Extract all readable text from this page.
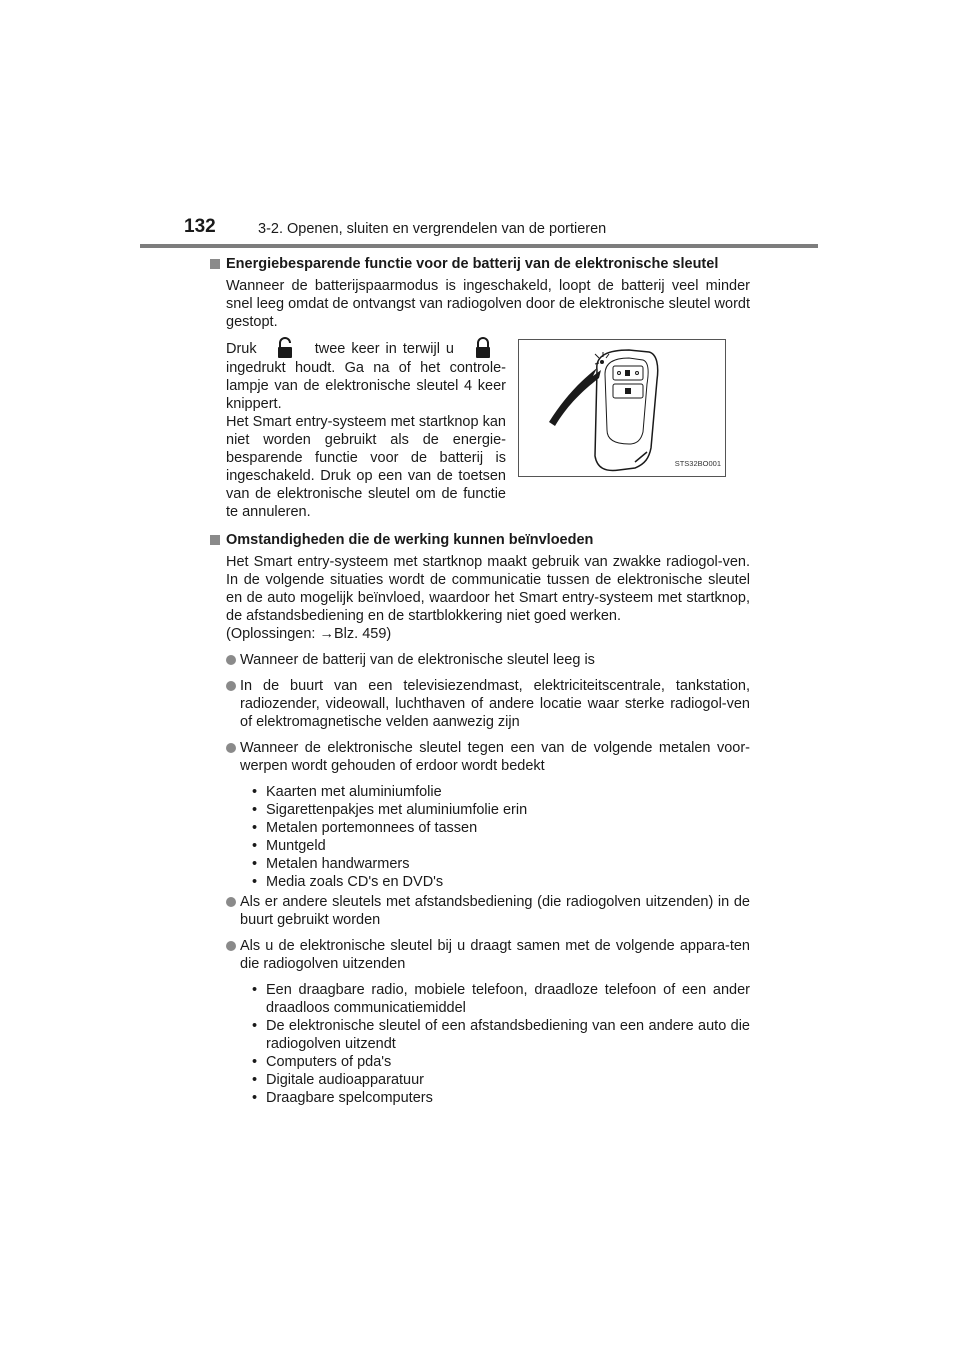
132	3-2. Openen, sluiten en vergrendelen van de portieren
Energiebesparende functie voor de batterij van de elektronische sleutel

Wanneer de batterijspaarmodus is ingeschakeld, loopt de batterij veel minder snel leeg omdat de ontvangst van radiogolven door de elektronische sleutel wordt gestopt.

Druk	twee keer in terwijl u  ingedrukt houdt. Ga na of het controle-lampje van de elektronische sleutel 4 keer knippert.
Het Smart entry-systeem met startknop kan niet worden gebruikt als de energie-besparende functie voor de batterij is ingeschakeld. Druk op een van de toetsen van de elektronische sleutel om de functie te annuleren.
STS32BO001
Omstandigheden die de werking kunnen beïnvloeden

Het Smart entry-systeem met startknop maakt gebruik van zwakke radiogol-ven. In de volgende situaties wordt de communicatie tussen de elektronische sleutel en de auto mogelijk beïnvloed, waardoor het Smart entry-systeem met startknop, de afstandsbediening en de startblokkering niet goed werken.

(Oplossingen: →Blz. 459)

Wanneer de batterij van de elektronische sleutel leeg is
In de buurt van een televisiezendmast, elektriciteitscentrale, tankstation, radiozender, videowall, luchthaven of andere locatie waar sterke radiogol-ven of elektromagnetische velden aanwezig zijn
Wanneer de elektronische sleutel tegen een van de volgende metalen voor-werpen wordt gehouden of erdoor wordt bedekt
• Kaarten met aluminiumfolie
• Sigarettenpakjes met aluminiumfolie erin
• Metalen portemonnees of tassen
• Muntgeld
• Metalen handwarmers
• Media zoals CD's en DVD's
Als er andere sleutels met afstandsbediening (die radiogolven uitzenden) in de buurt gebruikt worden
Als u de elektronische sleutel bij u draagt samen met de volgende appara-ten die radiogolven uitzenden
• Een draagbare radio, mobiele telefoon, draadloze telefoon of een ander draadloos communicatiemiddel
• De elektronische sleutel of een afstandsbediening van een andere auto die radiogolven uitzendt
• Computers of pda's
• Digitale audioapparatuur
• Draagbare spelcomputers
